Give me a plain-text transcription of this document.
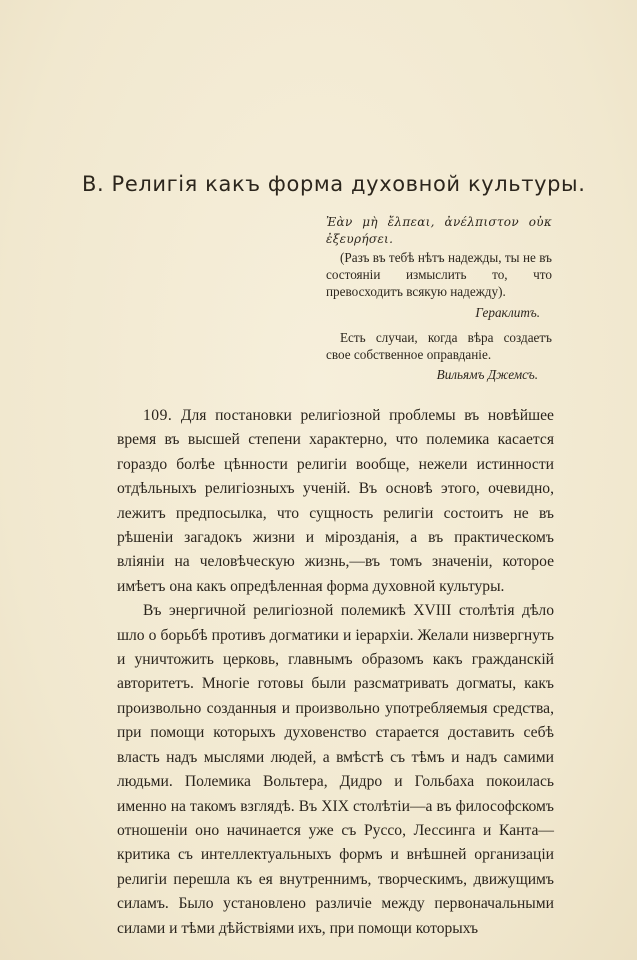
B. Религія какъ форма духовной культуры.
Ἐὰν μὴ ἔλπεαι, ἀνέλπιστον οὐκ ἐξευρήσει.
(Разъ въ тебѣ нѣтъ надежды, ты не въ состояніи измыслить то, что превосходитъ всякую надежду).
Гераклитъ.
Есть случаи, когда вѣра создаетъ свое собственное оправданіе.
Вильямъ Джемсъ.

109. Для постановки религіозной проблемы въ новѣйшее время въ высшей степени характерно, что полемика касается гораздо болѣе цѣнности религіи вообще, нежели истинности отдѣльныхъ религіозныхъ ученій. Въ основѣ этого, очевидно, лежитъ предпосылка, что сущность религіи состоитъ не въ рѣшеніи загадокъ жизни и мірозданія, а въ практическомъ вліяніи на человѣческую жизнь,—въ томъ значеніи, которое имѣетъ она какъ опредѣленная форма духовной культуры.

Въ энергичной религіозной полемикѣ XVIII столѣтія дѣло шло о борьбѣ противъ догматики и іерархіи. Желали низвергнуть и уничтожить церковь, главнымъ образомъ какъ гражданскій авторитетъ. Многіе готовы были разсматривать догматы, какъ произвольно созданныя и произвольно употребляемыя средства, при помощи которыхъ духовенство старается доставить себѣ власть надъ мыслями людей, а вмѣстѣ съ тѣмъ и надъ самими людьми. Полемика Вольтера, Дидро и Гольбаха покоилась именно на такомъ взглядѣ. Въ XIX столѣтіи—а въ философскомъ отношеніи оно начинается уже съ Руссо, Лессинга и Канта—критика съ интеллектуальныхъ формъ и внѣшней организаціи религіи перешла къ ея внутреннимъ, творческимъ, движущимъ силамъ. Было установлено различіе между первоначальными силами и тѣми дѣйствіями ихъ, при помощи которыхъ
